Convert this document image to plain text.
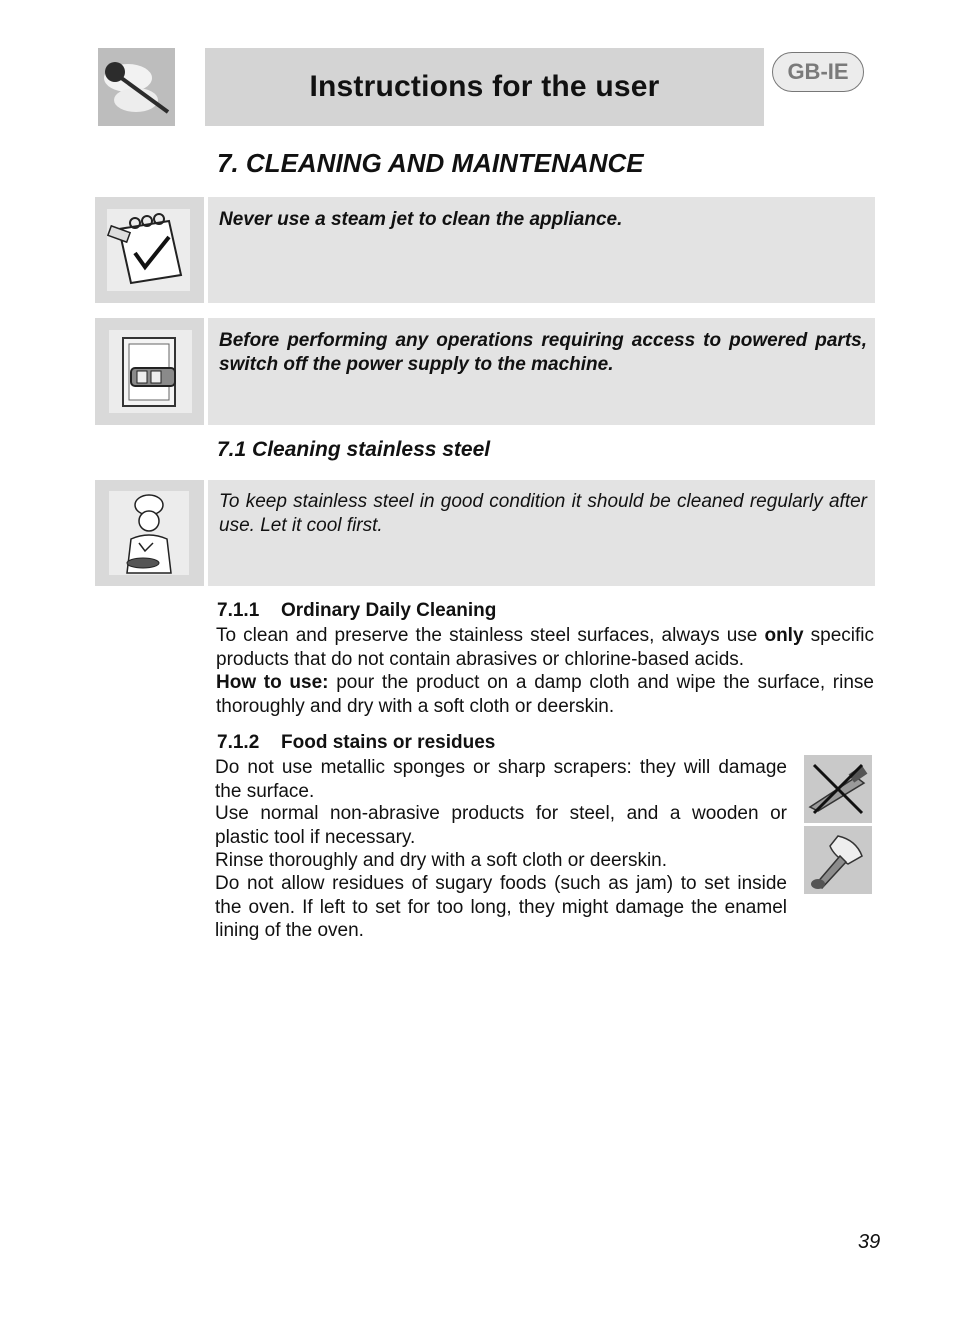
Instructions for the user	GB-IE
7. CLEANING AND MAINTENANCE
Never use a steam jet to clean the appliance.
Before performing any operations requiring access to powered parts, switch off the power supply to the machine.
7.1 Cleaning stainless steel
To keep stainless steel in good condition it should be cleaned regularly after use. Let it cool first.
7.1.1 Ordinary Daily Cleaning
To clean and preserve the stainless steel surfaces, always use only specific products that do not contain abrasives or chlorine-based acids.
How to use: pour the product on a damp cloth and wipe the surface, rinse thoroughly and dry with a soft cloth or deerskin.
7.1.2 Food stains or residues
Do not use metallic sponges or sharp scrapers: they will damage the surface.
Use normal non-abrasive products for steel, and a wooden or plastic tool if necessary.
Rinse thoroughly and dry with a soft cloth or deerskin.
Do not allow residues of sugary foods (such as jam) to set inside the oven. If left to set for too long, they might damage the enamel lining of the oven.
39
